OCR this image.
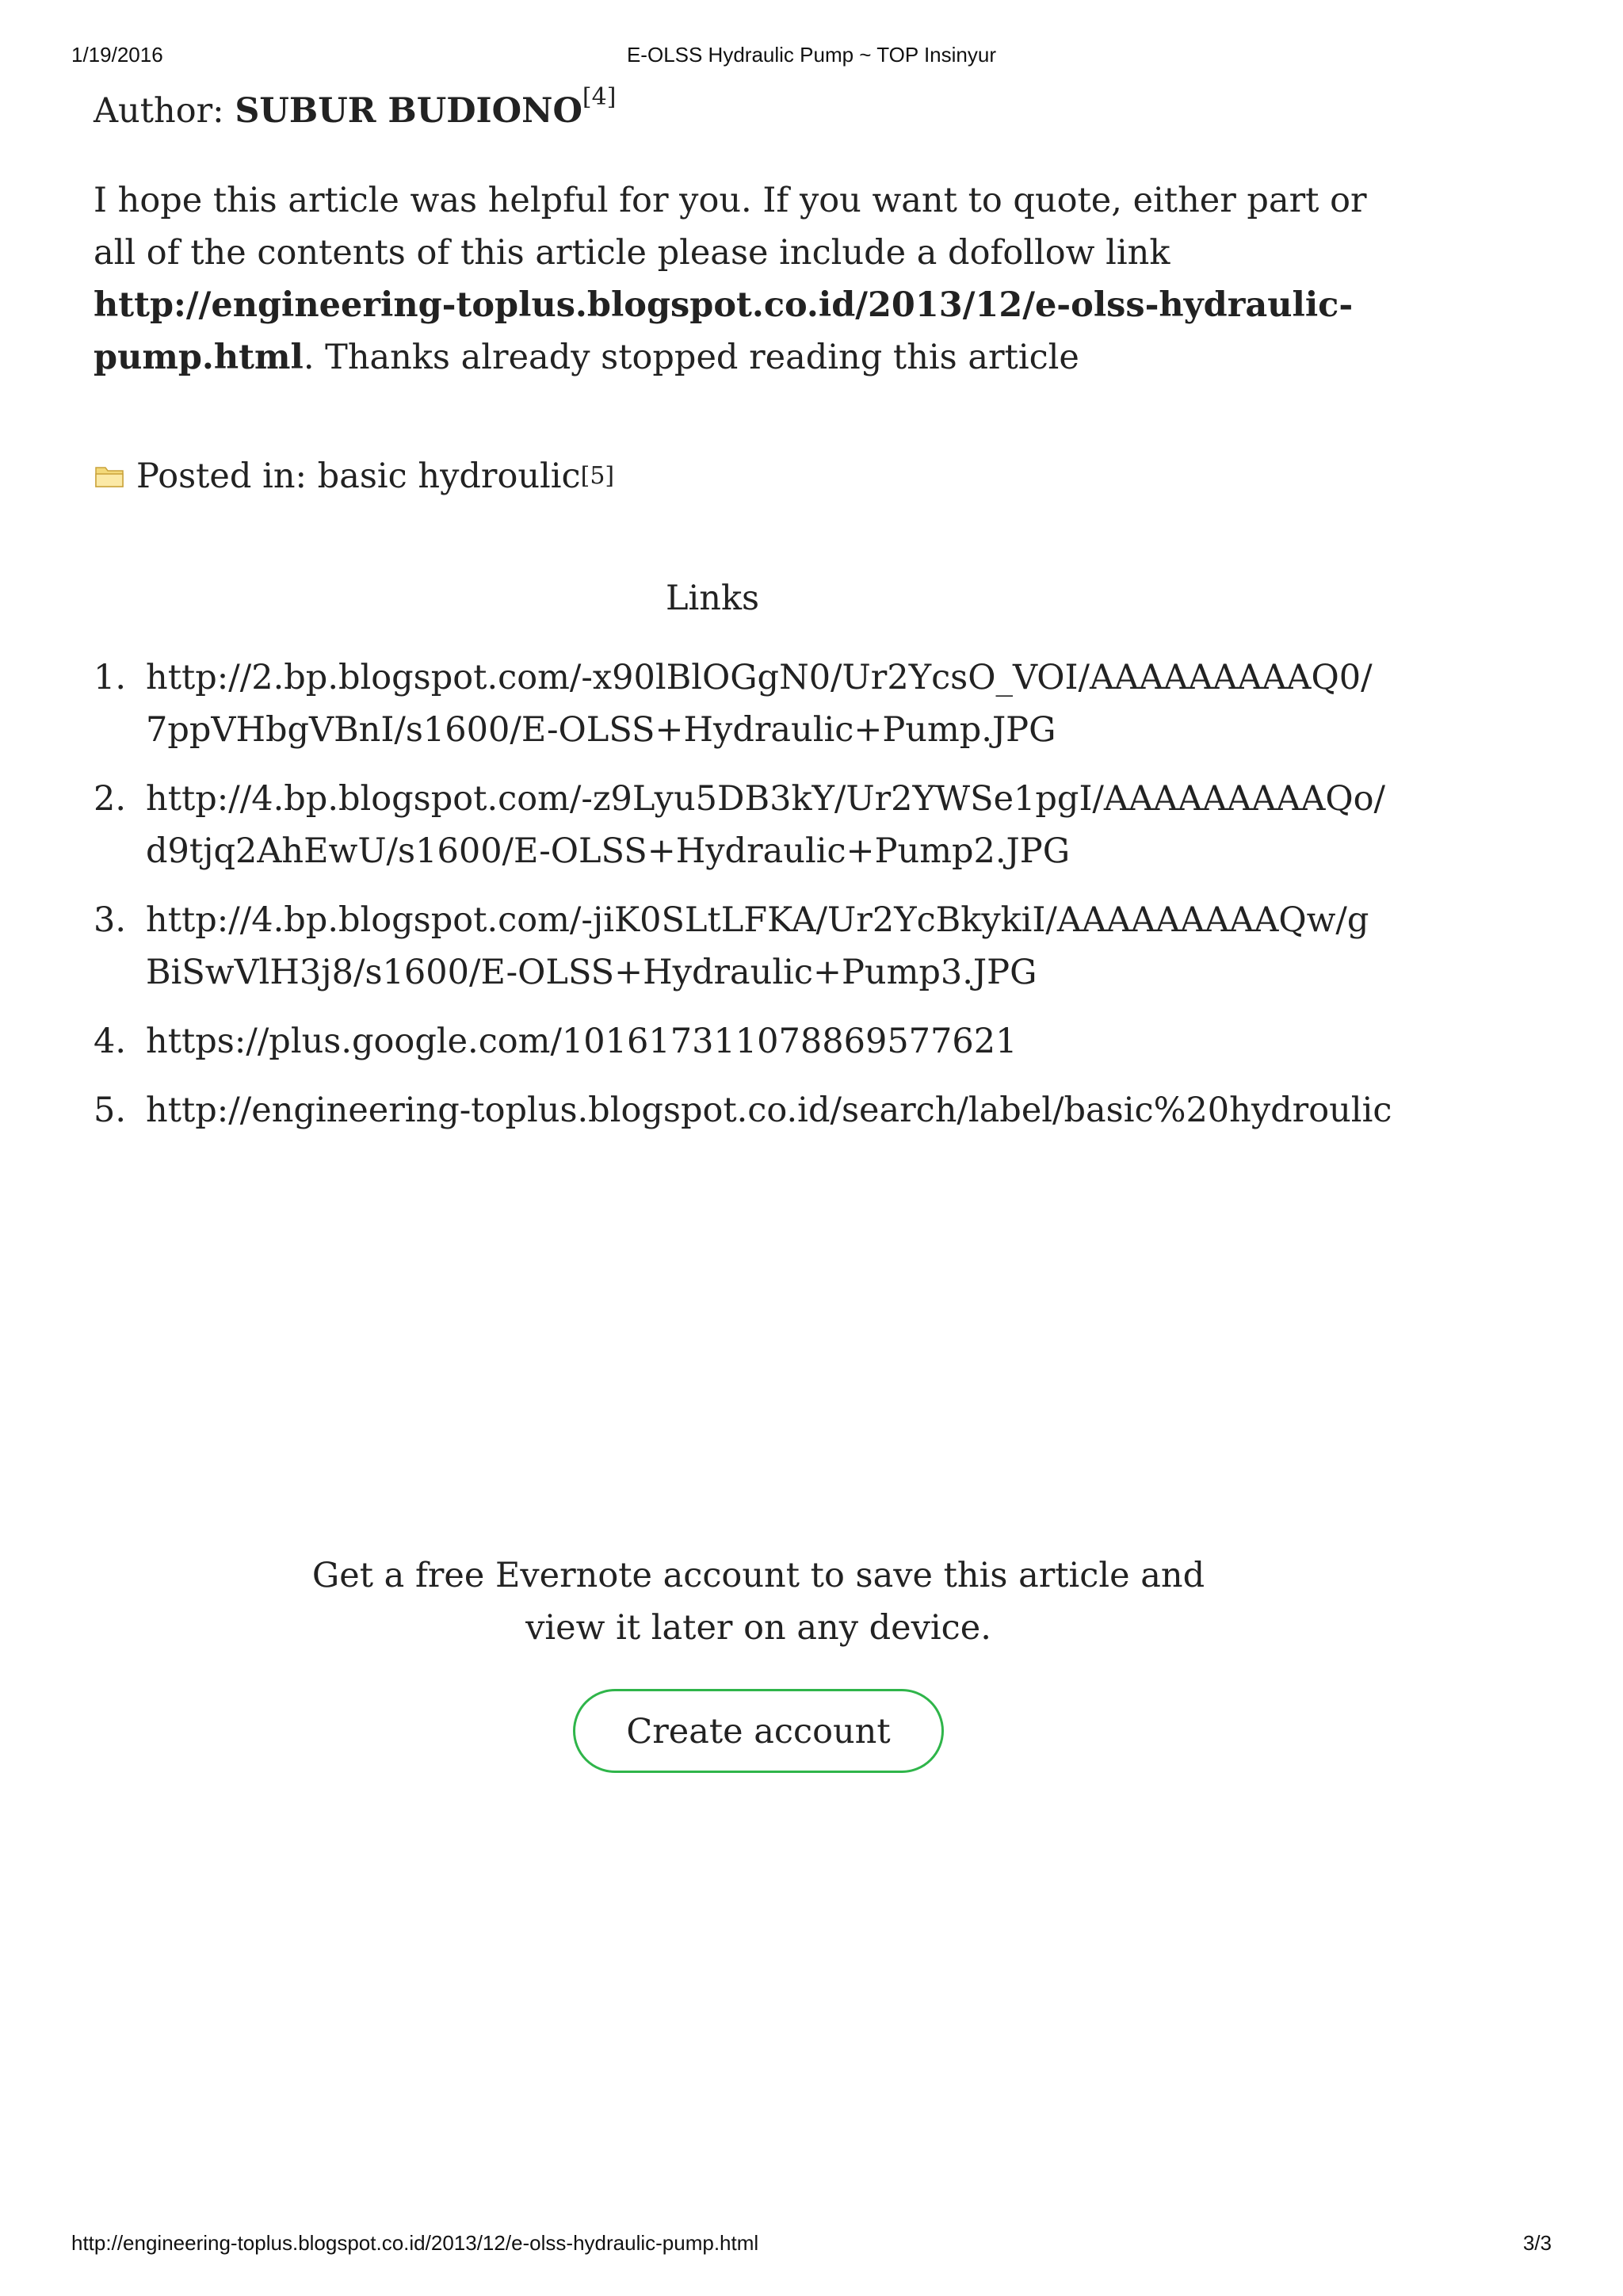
1/19/2016	E-OLSS Hydraulic Pump ~ TOP Insinyur

Author: SUBUR BUDIONO[4]

I hope this article was helpful for you. If you want to quote, either part or all of the contents of this article please include a dofollow link http://engineering-toplus.blogspot.co.id/2013/12/e-olss-hydraulic-pump.html. Thanks already stopped reading this article

Posted in: basic hydroulic [5]
Links
1. http://2.bp.blogspot.com/-x90lBlOGgN0/Ur2YcsO_VOI/AAAAAAAAAQ0/7ppVHbgVBnI/s1600/E-OLSS+Hydraulic+Pump.JPG
2. http://4.bp.blogspot.com/-z9Lyu5DB3kY/Ur2YWSe1pgI/AAAAAAAAAQo/d9tjq2AhEwU/s1600/E-OLSS+Hydraulic+Pump2.JPG
3. http://4.bp.blogspot.com/-jiK0SLtLFKA/Ur2YcBkykiI/AAAAAAAAAQw/gBiSwVlH3j8/s1600/E-OLSS+Hydraulic+Pump3.JPG
4. https://plus.google.com/101617311078869577621
5. http://engineering-toplus.blogspot.co.id/search/label/basic%20hydroulic
Get a free Evernote account to save this article and
view it later on any device.
Create account
http://engineering-toplus.blogspot.co.id/2013/12/e-olss-hydraulic-pump.html	3/3
